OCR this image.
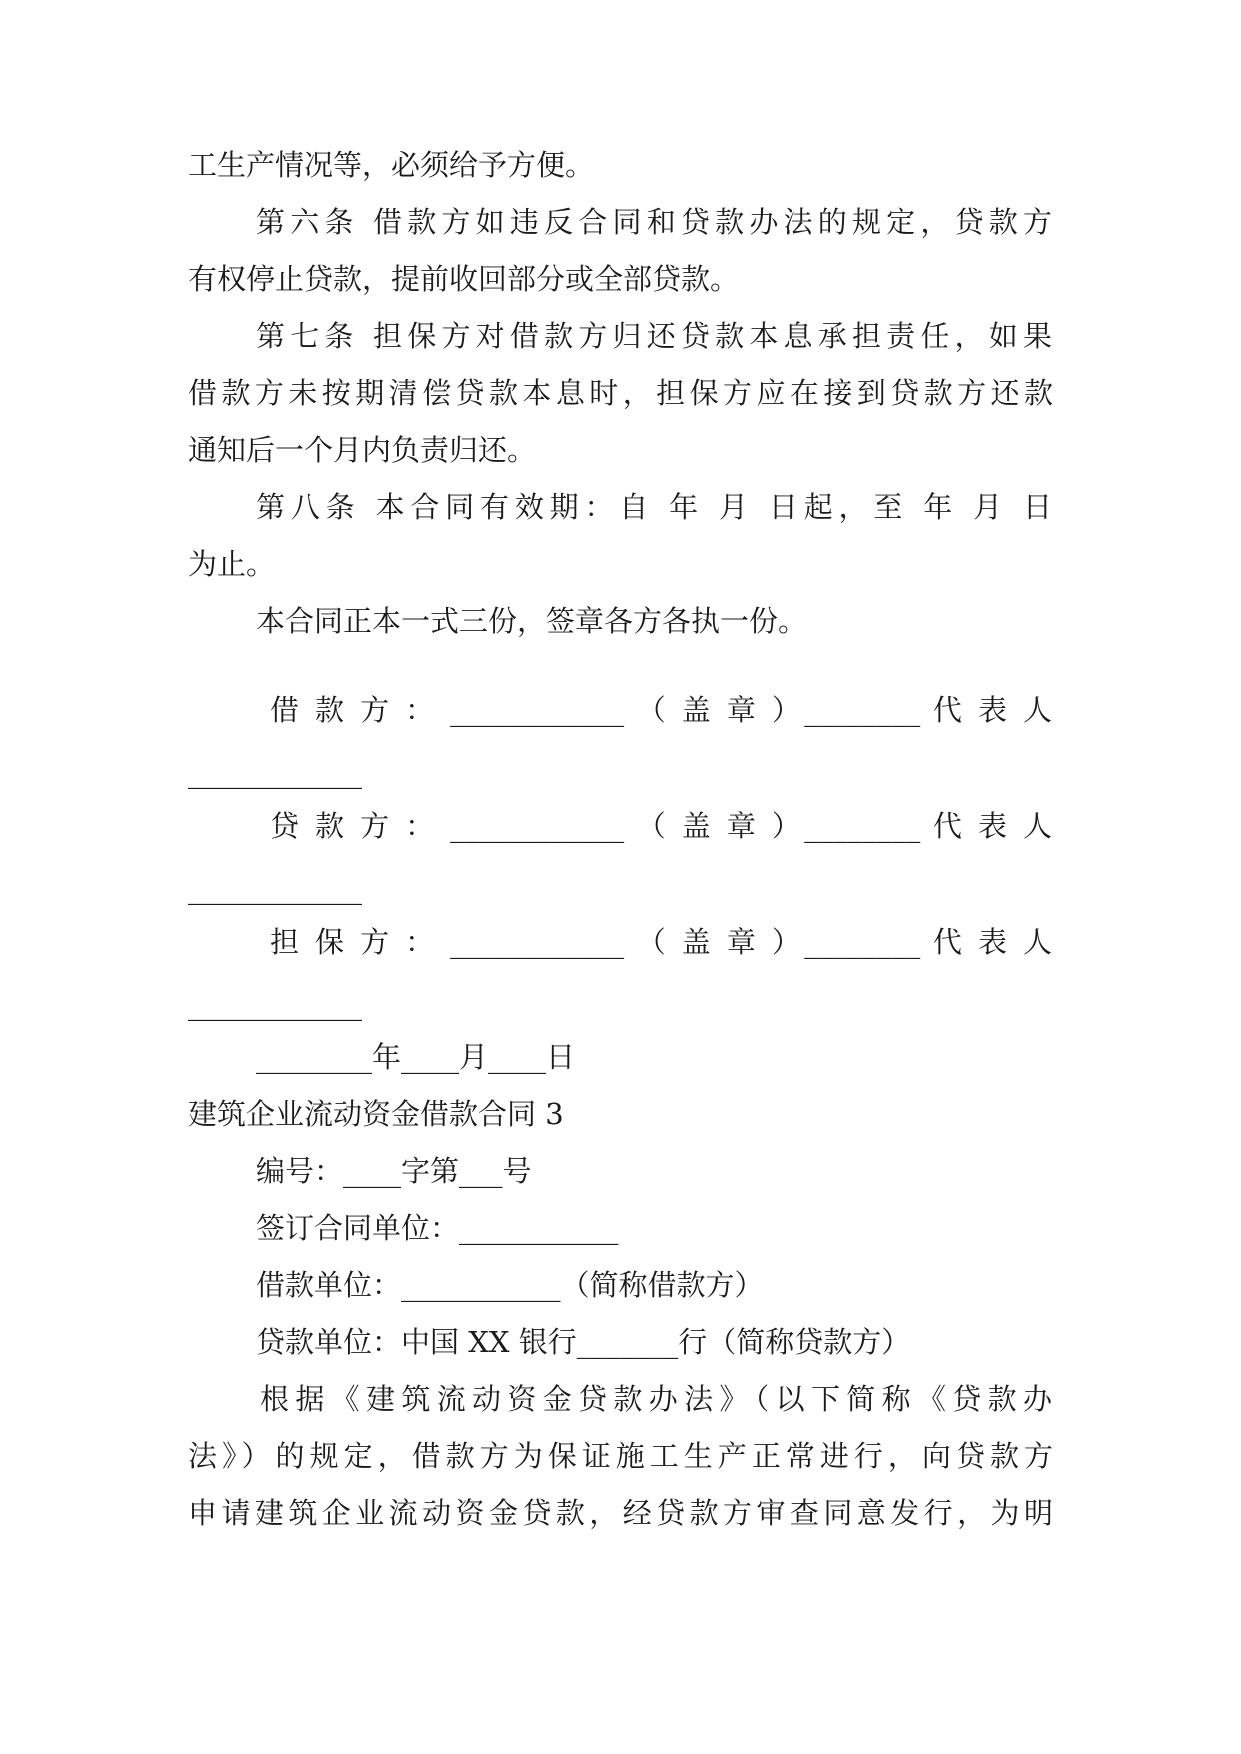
工生产情况等，必须给予方便。
第六条 借款方如违反合同和贷款办法的规定，贷款方
有权停止贷款，提前收回部分或全部贷款。
第七条 担保方对借款方归还贷款本息承担责任，如果
借款方未按期清偿贷款本息时，担保方应在接到贷款方还款
通知后一个月内负责归还。
第八条 本合同有效期：自 年 月 日起，至 年 月 日
为止。
本合同正本一式三份，签章各方各执一份。
借 款 方 ： ____________ （ 盖 章 ）________ 代 表 人
____________
贷 款 方 ： ____________ （ 盖 章 ）________ 代 表 人
____________
担 保 方 ： ____________ （ 盖 章 ）________ 代 表 人
____________
________年____月____日
建筑企业流动资金借款合同 3
编号：____字第___号
签订合同单位：___________
借款单位：___________（简称借款方）
贷款单位：中国 XX 银行_______行（简称贷款方）
根据《建筑流动资金贷款办法》（以下简称《贷款办
法》）的规定，借款方为保证施工生产正常进行，向贷款方
申请建筑企业流动资金贷款，经贷款方审查同意发行，为明
